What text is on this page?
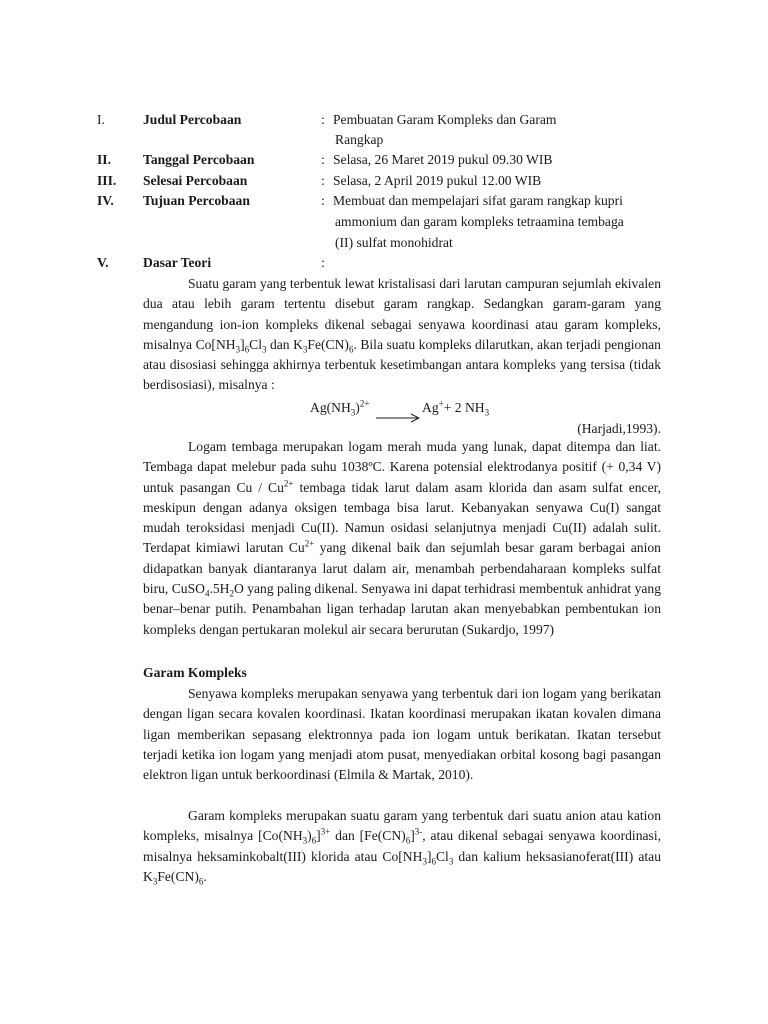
I.	Judul Percobaan	: Pembuatan Garam Kompleks dan Garam
Rangkap
II. Tanggal Percobaan	: Selasa, 26 Maret 2019 pukul 09.30 WIB
III. Selesai Percobaan	: Selasa, 2 April 2019 pukul 12.00 WIB
IV. Tujuan Percobaan	: Membuat dan mempelajari sifat garam rangkap kupri
ammonium dan garam kompleks tetraamina tembaga
(II) sulfat monohidrat
V.	Dasar Teori	:
Suatu garam yang terbentuk lewat kristalisasi dari larutan campuran sejumlah ekivalen dua atau lebih garam tertentu disebut garam rangkap. Sedangkan garam-garam yang mengandung ion-ion kompleks dikenal sebagai senyawa koordinasi atau garam kompleks, misalnya $Co[NH_3]_6Cl_3$ dan $K_3Fe(CN)_6$. Bila suatu kompleks dilarutkan, akan terjadi pengionan atau disosiasi sehingga akhirnya terbentuk kesetimbangan antara kompleks yang tersisa (tidak berdisosiasi), misalnya :
$Ag(NH_3)^{2+}$	Ag++ 2 $NH_3$
(Harjadi,1993).
Logam tembaga merupakan logam merah muda yang lunak, dapat ditempa dan liat. Tembaga dapat melebur pada suhu 1038ºC. Karena potensial elektrodanya positif (+ 0,34 V) untuk pasangan Cu / $Cu^{2+}$ tembaga tidak larut dalam asam klorida dan asam sulfat encer, meskipun dengan adanya oksigen tembaga bisa larut. Kebanyakan senyawa Cu(I) sangat mudah teroksidasi menjadi Cu(II). Namun osidasi selanjutnya menjadi Cu(II) adalah sulit. Terdapat kimiawi larutan $Cu^{2+}$ yang dikenal baik dan sejumlah besar garam berbagai anion didapatkan banyak diantaranya larut dalam air, menambah perbendaharaan kompleks sulfat biru, $CuSO_4.5H_2O$ yang paling dikenal. Senyawa ini dapat terhidrasi membentuk anhidrat yang benar–benar putih. Penambahan ligan terhadap larutan akan menyebabkan pembentukan ion kompleks dengan pertukaran molekul air secara berurutan (Sukardjo, 1997)
Garam Kompleks
Senyawa kompleks merupakan senyawa yang terbentuk dari ion logam yang berikatan dengan ligan secara kovalen koordinasi. Ikatan koordinasi merupakan ikatan kovalen dimana ligan memberikan sepasang elektronnya pada ion logam untuk berikatan. Ikatan tersebut terjadi ketika ion logam yang menjadi atom pusat, menyediakan orbital kosong bagi pasangan elektron ligan untuk berkoordinasi (Elmila & Martak, 2010).
Garam kompleks merupakan suatu garam yang terbentuk dari suatu anion atau kation kompleks, misalnya $[Co(NH_3)_6]^{3+}$ dan $[Fe(CN)_6]^{3-}$, atau dikenal sebagai senyawa koordinasi, misalnya heksaminkobalt(III) klorida atau $Co[NH_3]_6Cl_3$ dan kalium heksasianoferat(III) atau $K_3Fe(CN)_6$.
